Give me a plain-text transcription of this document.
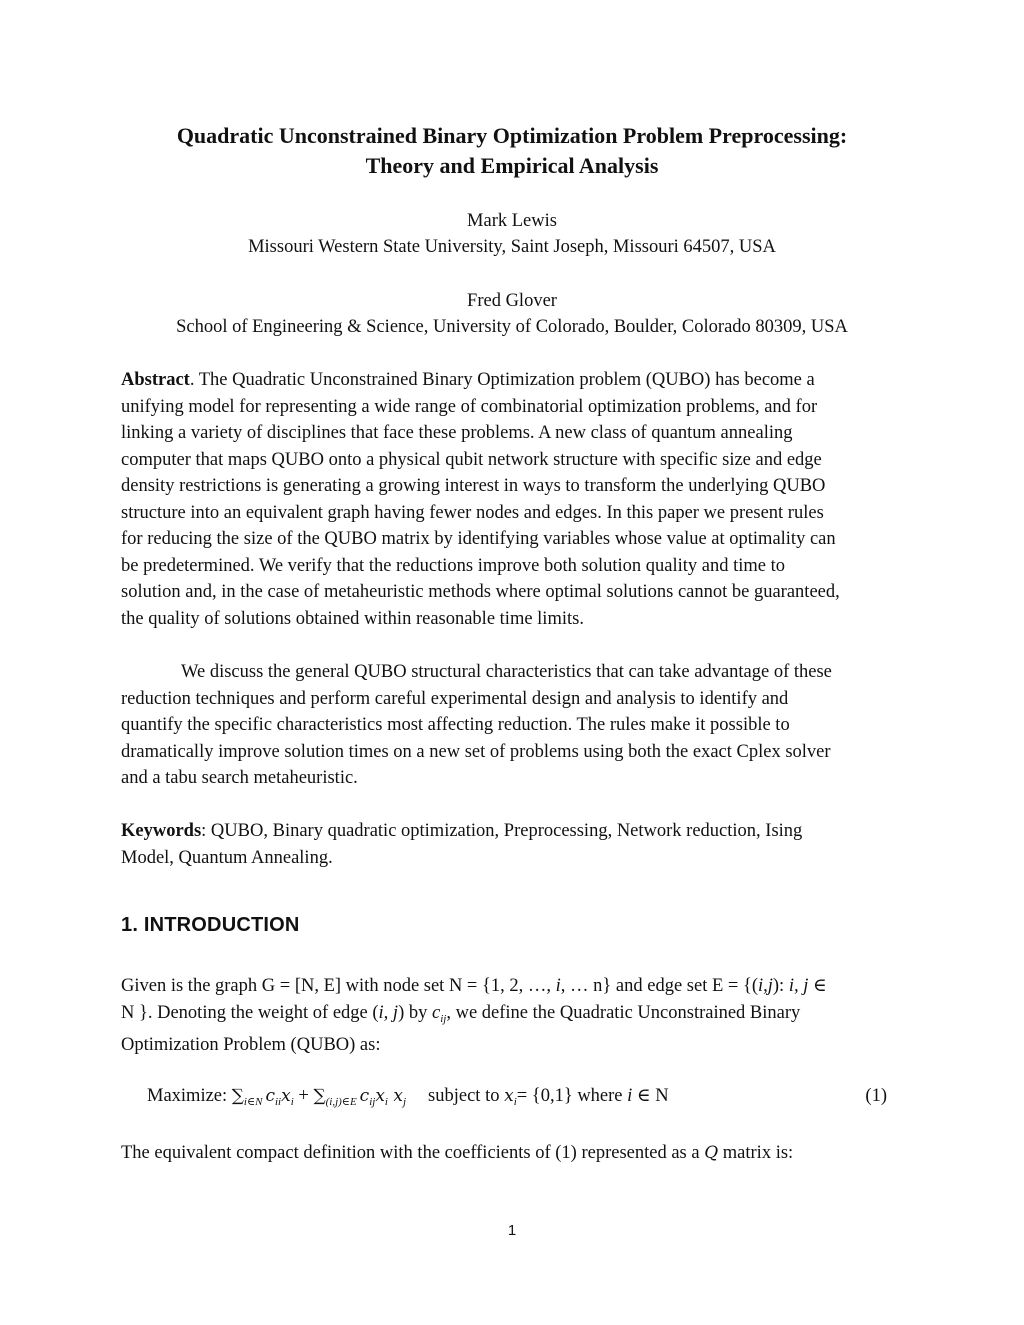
Quadratic Unconstrained Binary Optimization Problem Preprocessing:
Theory and Empirical Analysis
Mark Lewis
Missouri Western State University, Saint Joseph, Missouri 64507, USA
Fred Glover
School of Engineering & Science, University of Colorado, Boulder, Colorado 80309, USA
Abstract. The Quadratic Unconstrained Binary Optimization problem (QUBO) has become a
unifying model for representing a wide range of combinatorial optimization problems, and for
linking a variety of disciplines that face these problems. A new class of quantum annealing
computer that maps QUBO onto a physical qubit network structure with specific size and edge
density restrictions is generating a growing interest in ways to transform the underlying QUBO
structure into an equivalent graph having fewer nodes and edges. In this paper we present rules
for reducing the size of the QUBO matrix by identifying variables whose value at optimality can
be predetermined. We verify that the reductions improve both solution quality and time to
solution and, in the case of metaheuristic methods where optimal solutions cannot be guaranteed,
the quality of solutions obtained within reasonable time limits.
We discuss the general QUBO structural characteristics that can take advantage of these
reduction techniques and perform careful experimental design and analysis to identify and
quantify the specific characteristics most affecting reduction. The rules make it possible to
dramatically improve solution times on a new set of problems using both the exact Cplex solver
and a tabu search metaheuristic.
Keywords: QUBO, Binary quadratic optimization, Preprocessing, Network reduction, Ising
Model, Quantum Annealing.
1. INTRODUCTION
Given is the graph G = [N, E] with node set N = {1, 2, …, i, … n} and edge set E = {(i,j): i, j ∈
N }. Denoting the weight of edge (i, j) by $c_{ij}$, we define the Quadratic Unconstrained Binary
Optimization Problem (QUBO) as:
Maximize: $\sum_{i\in N}$ $c_{ii}x_i + \sum_{(i,j)\in E}$ $c_{ij}x_i$ $x_j$ subject to $x_i= \{0,1\}$ where i ∈ N	(1)
The equivalent compact definition with the coefficients of (1) represented as a Q matrix is:
1
